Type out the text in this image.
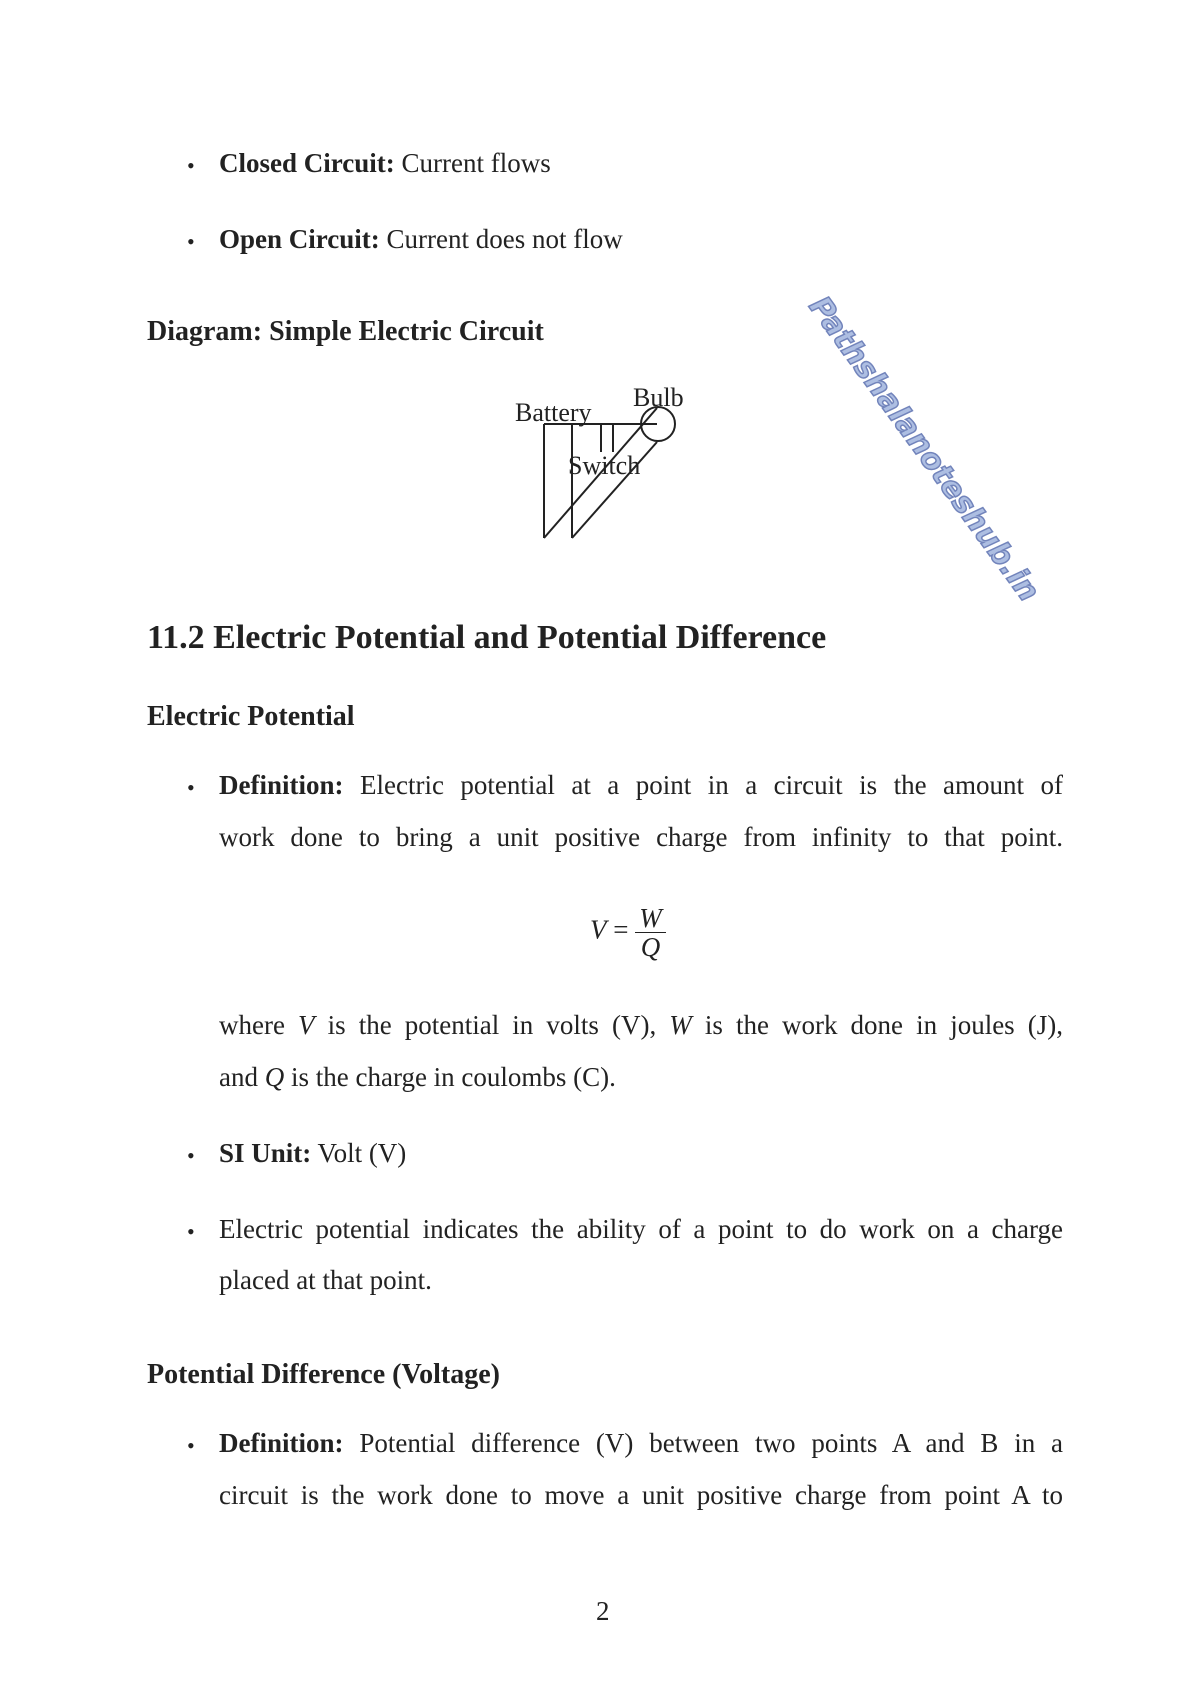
• Closed Circuit: Current flows
• Open Circuit: Current does not flow
Diagram: Simple Electric Circuit
Battery
Bulb
Switch
11.2 Electric Potential and Potential Difference
Electric Potential
• Definition: Electric potential at a point in a circuit is the amount of
work done to bring a unit positive charge from infinity to that point.
$V = \frac{W}{Q}$
where V is the potential in volts (V), W is the work done in joules (J),
and Q is the charge in coulombs (C).
• SI Unit: Volt (V)
• Electric potential indicates the ability of a point to do work on a charge
placed at that point.
Potential Difference (Voltage)
• Definition: Potential difference (V) between two points A and B in a
circuit is the work done to move a unit positive charge from point A to
2
Pathshalanoteshub.in
